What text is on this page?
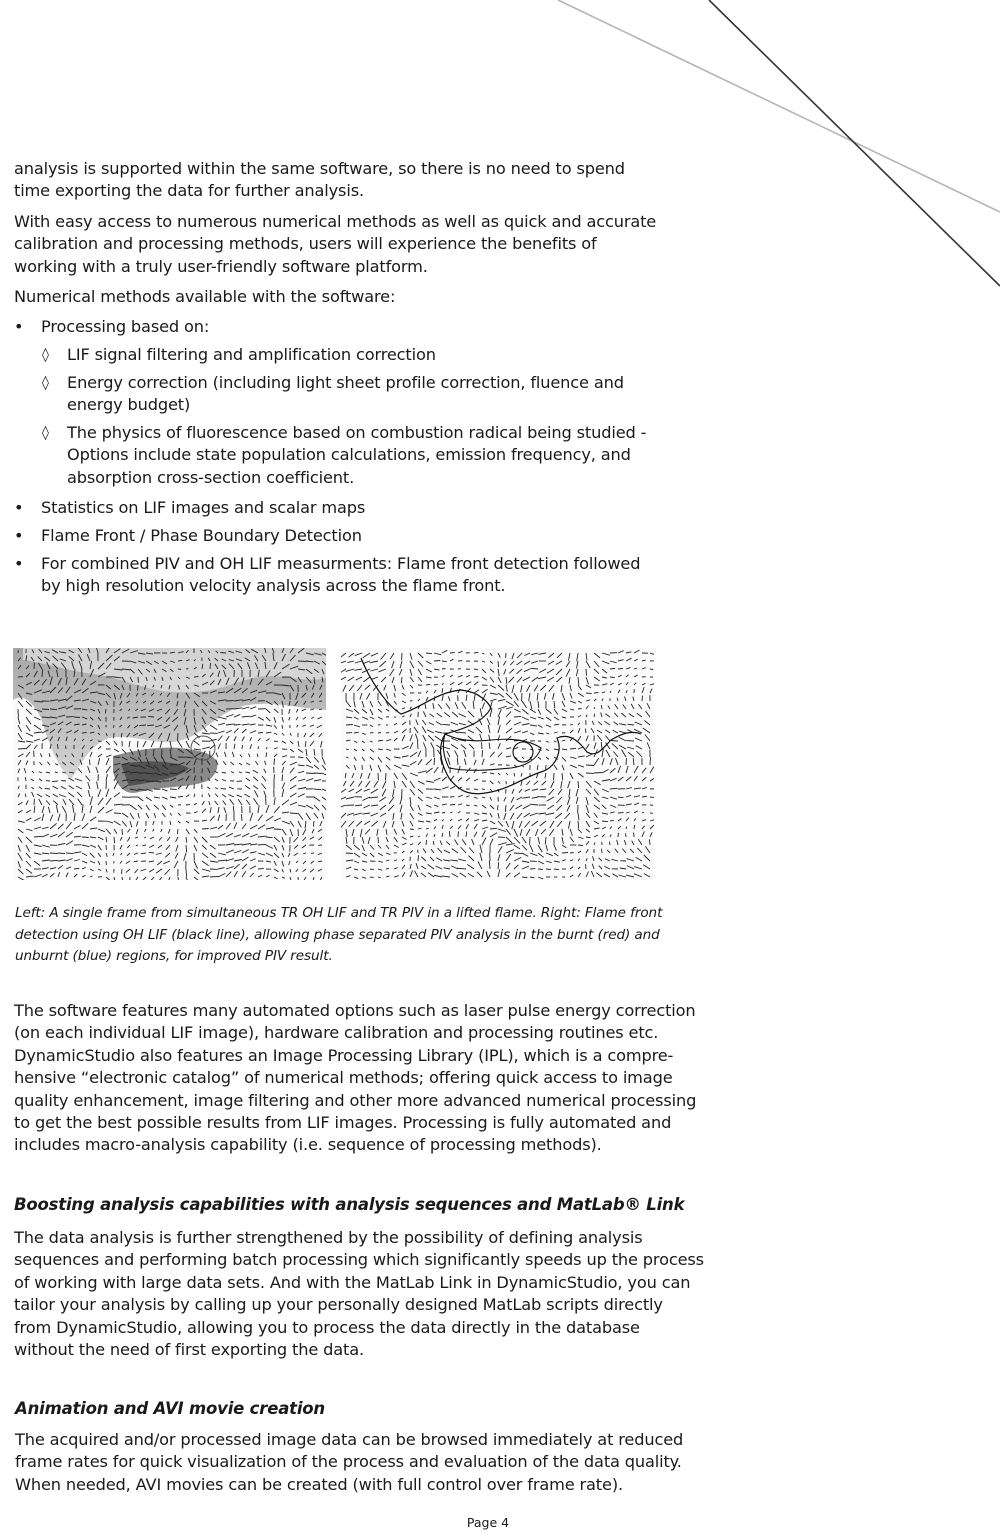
analysis is supported within the same software, so there is no need to spend time exporting the data for further analysis.

With easy access to numerous numerical methods as well as quick and accurate calibration and processing methods, users will experience the benefits of working with a truly user-friendly software platform.

Numerical methods available with the software:

• Processing based on:

◊ LIF signal filtering and amplification correction

◊ Energy correction (including light sheet profile correction, fluence and energy budget)

◊ The physics of fluorescence based on combustion radical being studied - Options include state population calculations, emission frequency, and absorption cross-section coefficient.

• Statistics on LIF images and scalar maps

• Flame Front / Phase Boundary Detection

• For combined PIV and OH LIF measurments: Flame front detection followed by high resolution velocity analysis across the flame front.

Left: A single frame from simultaneous TR OH LIF and TR PIV in a lifted flame. Right: Flame front detection using OH LIF (black line), allowing phase separated PIV analysis in the burnt (red) and unburnt (blue) regions, for improved PIV result.

The software features many automated options such as laser pulse energy correction (on each individual LIF image), hardware calibration and processing routines etc. DynamicStudio also features an Image Processing Library (IPL), which is a comprehensive “electronic catalog” of numerical methods; offering quick access to image quality enhancement, image filtering and other more advanced numerical processing to get the best possible results from LIF images. Processing is fully automated and includes macro-analysis capability (i.e. sequence of processing methods).

Boosting analysis capabilities with analysis sequences and MatLab® Link

The data analysis is further strengthened by the possibility of defining analysis sequences and performing batch processing which significantly speeds up the process of working with large data sets. And with the MatLab Link in DynamicStudio, you can tailor your analysis by calling up your personally designed MatLab scripts directly from DynamicStudio, allowing you to process the data directly in the database without the need of first exporting the data.

Animation and AVI movie creation

The acquired and/or processed image data can be browsed immediately at reduced frame rates for quick visualization of the process and evaluation of the data quality. When needed, AVI movies can be created (with full control over frame rate).

Page 4
